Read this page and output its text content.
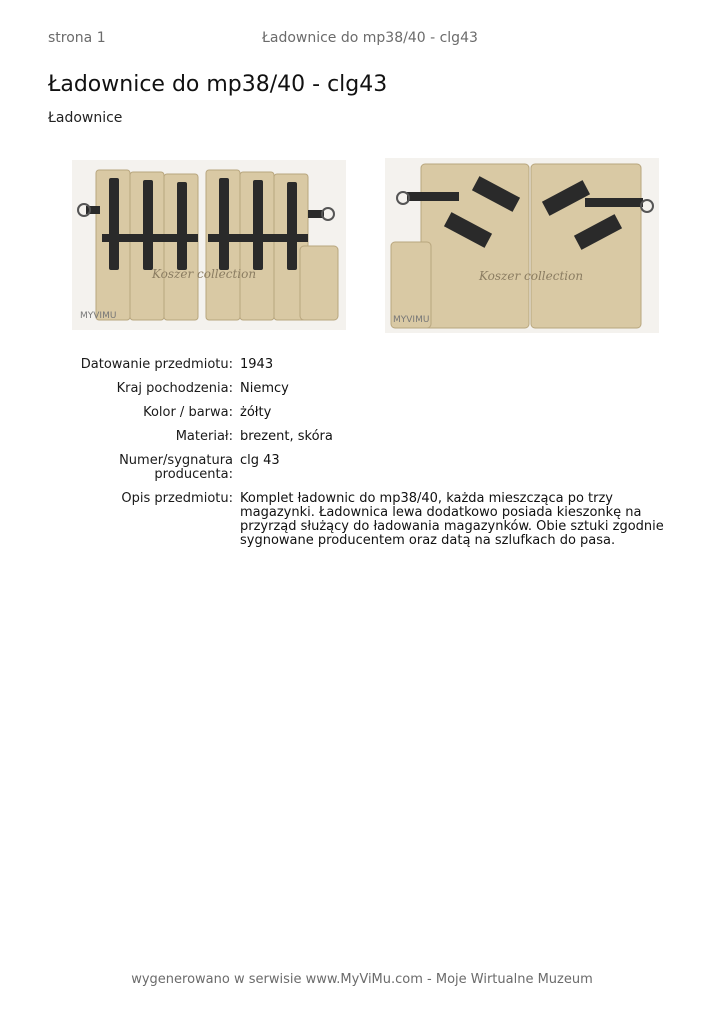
strona 1	Ładownice do mp38/40 - clg43
Ładownice do mp38/40 - clg43
Ładownice
Koszer collection
MYVIMU
Koszer collection
MYVIMU
Datowanie przedmiotu:	1943
Kraj pochodzenia:	Niemcy
Kolor / barwa:	żółty
Materiał:	brezent, skóra
Numer/sygnatura producenta:	clg 43
Opis przedmiotu:	Komplet ładownic do mp38/40, każda mieszcząca po trzy magazynki. Ładownica lewa dodatkowo posiada kieszonkę na przyrząd służący do ładowania magazynków. Obie sztuki zgodnie sygnowane producentem oraz datą na szlufkach do pasa.
wygenerowano w serwisie www.MyViMu.com - Moje Wirtualne Muzeum
